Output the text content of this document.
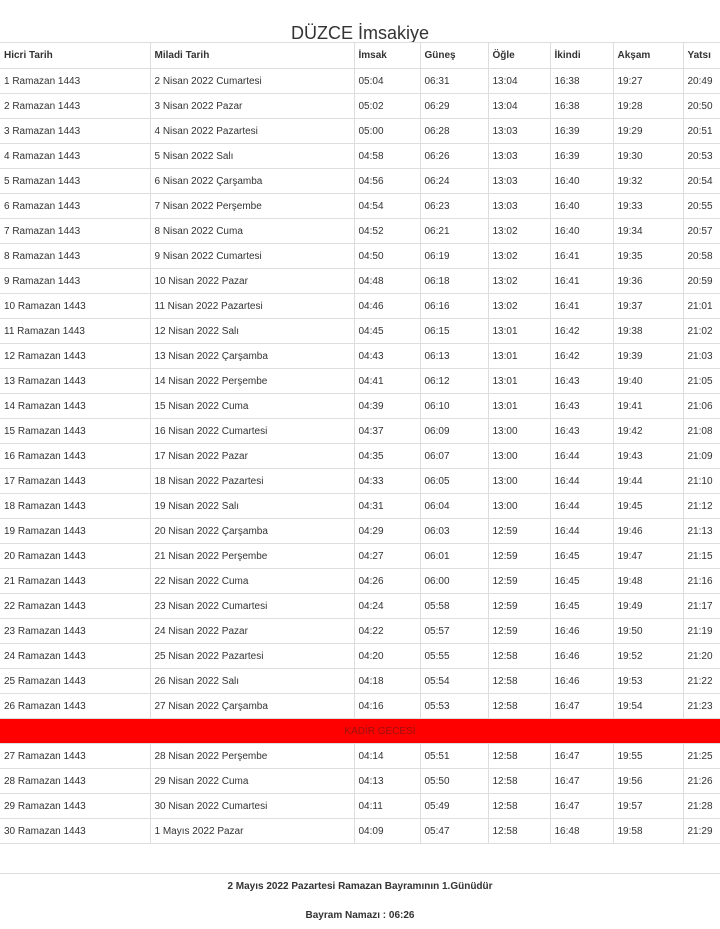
DÜZCE İmsakiye
Hicri Tarih	Miladi Tarih	İmsak	Güneş	Öğle	İkindi	Akşam	Yatsı
1 Ramazan 1443	2 Nisan 2022 Cumartesi	05:04	06:31	13:04	16:38	19:27	20:49
2 Ramazan 1443	3 Nisan 2022 Pazar	05:02	06:29	13:04	16:38	19:28	20:50
3 Ramazan 1443	4 Nisan 2022 Pazartesi	05:00	06:28	13:03	16:39	19:29	20:51
4 Ramazan 1443	5 Nisan 2022 Salı	04:58	06:26	13:03	16:39	19:30	20:53
5 Ramazan 1443	6 Nisan 2022 Çarşamba	04:56	06:24	13:03	16:40	19:32	20:54
6 Ramazan 1443	7 Nisan 2022 Perşembe	04:54	06:23	13:03	16:40	19:33	20:55
7 Ramazan 1443	8 Nisan 2022 Cuma	04:52	06:21	13:02	16:40	19:34	20:57
8 Ramazan 1443	9 Nisan 2022 Cumartesi	04:50	06:19	13:02	16:41	19:35	20:58
9 Ramazan 1443	10 Nisan 2022 Pazar	04:48	06:18	13:02	16:41	19:36	20:59
10 Ramazan 1443	11 Nisan 2022 Pazartesi	04:46	06:16	13:02	16:41	19:37	21:01
11 Ramazan 1443	12 Nisan 2022 Salı	04:45	06:15	13:01	16:42	19:38	21:02
12 Ramazan 1443	13 Nisan 2022 Çarşamba	04:43	06:13	13:01	16:42	19:39	21:03
13 Ramazan 1443	14 Nisan 2022 Perşembe	04:41	06:12	13:01	16:43	19:40	21:05
14 Ramazan 1443	15 Nisan 2022 Cuma	04:39	06:10	13:01	16:43	19:41	21:06
15 Ramazan 1443	16 Nisan 2022 Cumartesi	04:37	06:09	13:00	16:43	19:42	21:08
16 Ramazan 1443	17 Nisan 2022 Pazar	04:35	06:07	13:00	16:44	19:43	21:09
17 Ramazan 1443	18 Nisan 2022 Pazartesi	04:33	06:05	13:00	16:44	19:44	21:10
18 Ramazan 1443	19 Nisan 2022 Salı	04:31	06:04	13:00	16:44	19:45	21:12
19 Ramazan 1443	20 Nisan 2022 Çarşamba	04:29	06:03	12:59	16:44	19:46	21:13
20 Ramazan 1443	21 Nisan 2022 Perşembe	04:27	06:01	12:59	16:45	19:47	21:15
21 Ramazan 1443	22 Nisan 2022 Cuma	04:26	06:00	12:59	16:45	19:48	21:16
22 Ramazan 1443	23 Nisan 2022 Cumartesi	04:24	05:58	12:59	16:45	19:49	21:17
23 Ramazan 1443	24 Nisan 2022 Pazar	04:22	05:57	12:59	16:46	19:50	21:19
24 Ramazan 1443	25 Nisan 2022 Pazartesi	04:20	05:55	12:58	16:46	19:52	21:20
25 Ramazan 1443	26 Nisan 2022 Salı	04:18	05:54	12:58	16:46	19:53	21:22
26 Ramazan 1443	27 Nisan 2022 Çarşamba	04:16	05:53	12:58	16:47	19:54	21:23
KADİR GECESİ							
27 Ramazan 1443	28 Nisan 2022 Perşembe	04:14	05:51	12:58	16:47	19:55	21:25
28 Ramazan 1443	29 Nisan 2022 Cuma	04:13	05:50	12:58	16:47	19:56	21:26
29 Ramazan 1443	30 Nisan 2022 Cumartesi	04:11	05:49	12:58	16:47	19:57	21:28
30 Ramazan 1443	1 Mayıs 2022 Pazar	04:09	05:47	12:58	16:48	19:58	21:29
2 Mayıs 2022 Pazartesi Ramazan Bayramının 1.Günüdür
Bayram Namazı : 06:26
